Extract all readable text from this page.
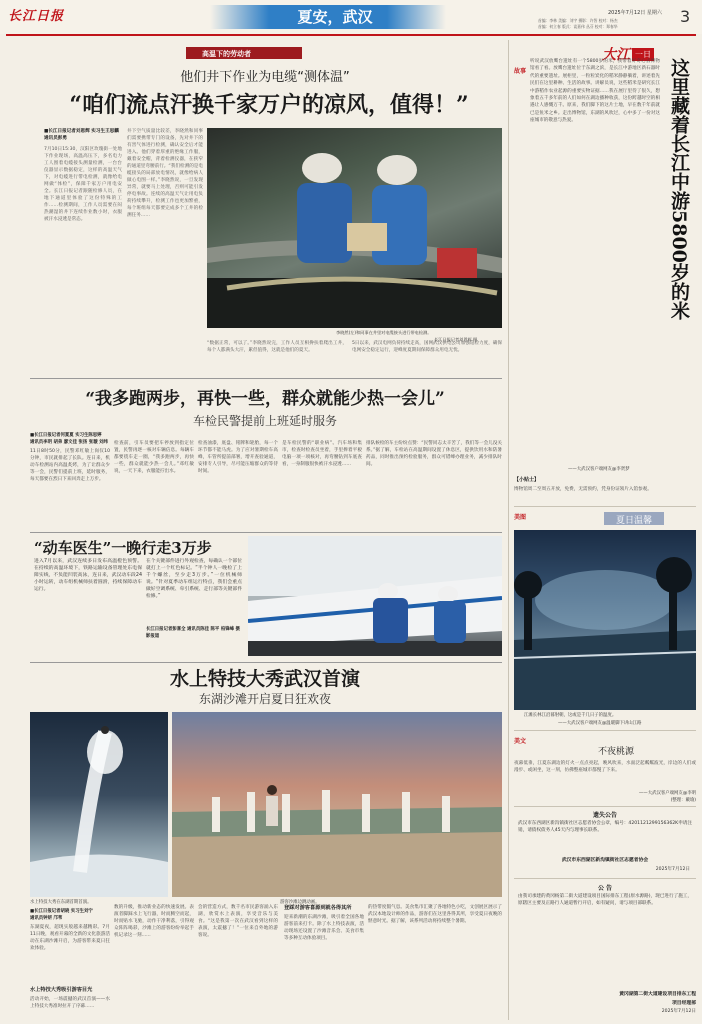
长江日报	夏安，武汉	首编：李林 美编：刘宇 摄影：许智 校对：杨杰
首编：何立春 版式：谈嘉伟 丛芬 校对：郑春华
2025年7月12日 星期六 3
高温下的劳动者
他们井下作业为电缆“测体温”
“咱们流点汗换千家万户的凉风，值得！”
■长江日报记者刘恩辉 实习生王思麟
通讯员彭勇
7月10日15:30，汉阳区玫瑰街一处地下作业现场，高温高压下，多名电力工人围着电缆接头测量检测，一台台仪器显示数据稳定，这样的高温天气下，对电缆进行带电检测，就像给电网做“体检”，保障千家万户用电安全。长江日报记者跟随检修人员，在地下通道里体验了这份特殊的工作……检测期间，工作人员需要在闷热潮湿的井下连续作业数小时，衣服被汗水浸透是常态。
井下空气质量比较差，李晓然和同事们需要携带专门的设备，先对井下的有害气体进行检测，确认安全后才能进入。他们穿着厚重的绝缘工作服，戴着安全帽，背着检测仪器，在狭窄的通道里弯腰前行。“我们检测的是电缆接头的局部放电情况，就像给病人做心电图一样。”李晓然说，一旦发现异常，就要马上处理，否则可能引发停电事故。连续的高温天气让用电负荷持续攀升，检测工作也更加繁重，每个班组每天都要完成多个工井的检测任务……
李晓然(左)和同事在井里对电缆接头进行带电检测。
长江日报记者刘恩辉 摄
“数据正常，可以了。”李晓然说完，工作人员互相搀扶着爬出工井，每个人都满头大汗，累但值得，这就是他们的夏天。
5日以来，武汉电网负荷持续走高，国网武汉供电公司加强巡检力度，确保电网安全稳定运行，迎峰度夏期间保障群众用电无忧。
“我多跑两步，再快一些，群众就能少热一会儿”
车检民警提前上班延时服务
■长江日报记者何夏夏 实习生陈思婷
通讯员李玥 胡弟 廖文佳 张扬 张璇 刘纬
11日8时50分，民警邓红敏上岗仅10分钟，市民就排起了长队。连日来，机动车检测站内高温炙烤，为了让群众少等一会，民警们提前上班，延时服务，每天都要在烈日下来回奔走上万步。
检查前，引车员要把车停放到指定位置，民警再逐一核对车辆信息。每辆车都要绕车走一圈，“我多跑两步，再快一些，群众就能少热一会儿。”邓红敏说，一天下来，衣服能拧出水。
检查油漆，底盘、铭牌和轮胎，每一个环节都不能马虎。为了应对暑期检车高峰，车管所提前部署，增开查验通道，安排专人引导，尽可能压缩群众的等待时间。
是车检民警的“职业病”。汽车场和集市，检查时检查员坐着，手里捧着平板电脑一项一项核对，再弯腰钻到车底查看，一身制服很快被汗水浸透……
排队候检的车主纷纷点赞：“民警同志太辛苦了，我们等一会儿没关系。”据了解，车检站在高温期间设置了休息区，提供饮用水和防暑药品，同时推出预约检验服务，群众可错峰办理业务，减少排队时间。
“动车医生”一晚行走3万步
进入7月以来，武汉连续多日发布高温橙色预警。在持续的高温环境下，铁路运输设备管理处东电保障实线，不负能凹装高泳，连日来，武汉动车段24小时运转，动车组机械师扶着圆滑，持续保障动车运行。
在个关键部件进行外观检查，每确认一个部位就打上一个红色标记。“半个钟人一晚检了上千个螺丝，至少走3万步。”一位机械师说。“针对夏季动车组运行特点，我们会重点做好空调系统、牵引系统、走行部等关键部件检修。”
长江日报记者彭喜全 通讯员陈佳 陈平 柏锋峰 摄影报道
水上特技大秀武汉首演
东湖沙滩开启夏日狂欢夜
水上特技大秀在东湖首期首演。	游客沙滩边跳动画。
■长江日报记者胡晓 实习生刘宁
通讯员钟妍 邝苇
东湖夏夜，超现实般越来越精彩。7月11日晚，观看开幕的全新的文化旅游活动在东湖沙滩开启，为游客带来夏日狂欢体验。
水上特技大秀吸引游客目光
活动开始，一场震撼的武汉首演——水上特技大秀准时拉开了序幕……
数的升级，推动新业态的快速发展。表演者脚踩水上飞行器，时而腾空而起，时而贴水飞驰，动作干净利落，引得观众阵阵喝彩，沙滩上的游客纷纷举起手机记录这一刻……
会的营造方式，数千名市民游客涌入东湖，欣赏水上表演，享受音乐与美食。“这是我第一次在武汉看到这样的表演，太震撼了！”一位来自外地的游客说。
登踩对游客喜源到就各得其所
迎来新潮的东湖沙滩，吸引着全国各地游客前来打卡。除了水上特技表演，活动现场还设置了沙滩音乐会、美食市集等多种互动体验项目。
的热带度假气息。美食集市汇聚了各地特色小吃，文创展区展示了武汉本地设计师的作品，游客们在这里各得其所，享受夏日夜晚的惬意时光。据了解，该系列活动将持续整个暑期。
大江 一日
故事
听说武汉放鹰台遗址有一个5800岁的米，我带着好奇心去博物馆看了看。放鹰台遗址位于东湖之滨，是长江中游地区新石器时代的重要遗址。展柜里，一粒粒炭化的稻米静静躺着，讲述着先民们在这里耕种、生活的故事。讲解员说，这些稻米是研究长江中游稻作农业起源的重要实物证据……我在展厅里待了很久，想象着五千多年前的人们如何在湖边播种收获，这份跨越时空的相遇让人感慨万千。原来，我们脚下的这片土地，早在数千年前就已是鱼米之乡。走出博物馆，东湖的风吹过，心中多了一份对这座城市的敬意与热爱。	这里藏着长江中游5800岁的米
——大武汉客户端网友@李贤梦
【小贴士】
博物馆周二至周五开放，免费，无需预约，凭身份证领片入馆参观。
美图	夏日温馨
江滩长林江沿暮射朝，这或是千几日子的温度。
——大武汉客户端网友@温暖脚下讲山江路
美文
不夜桃源
夜幕低垂，江夏东湖边的灯火一点点亮起，晚风吹来，水面泛起粼粼波光，岸边的人们或漫步、或闲坐，这一刻，仿佛整座城市都慢了下来。
——大武汉客户端网友@李明
(整理：戴瑜)
遗失公告
武汉市东西湖区新沟镇街社区志愿者协会公章，编号：4201121299156362K申请注销，请债权债务人45天内与理事长联系。
武汉市东西湖区新沟镇街社区志愿者协会
2025年7月12日
公 告
由我司承建的黄冈杨第二街大道建设项目国际排东工程(原水源路)，现已进行了施工，原辖区主要及正路行人通道暂行开启，如有疑问，请与项目部联系。
黄冈湖第二街大道建设项目排东工程
项目经理部
2025年7月12日
